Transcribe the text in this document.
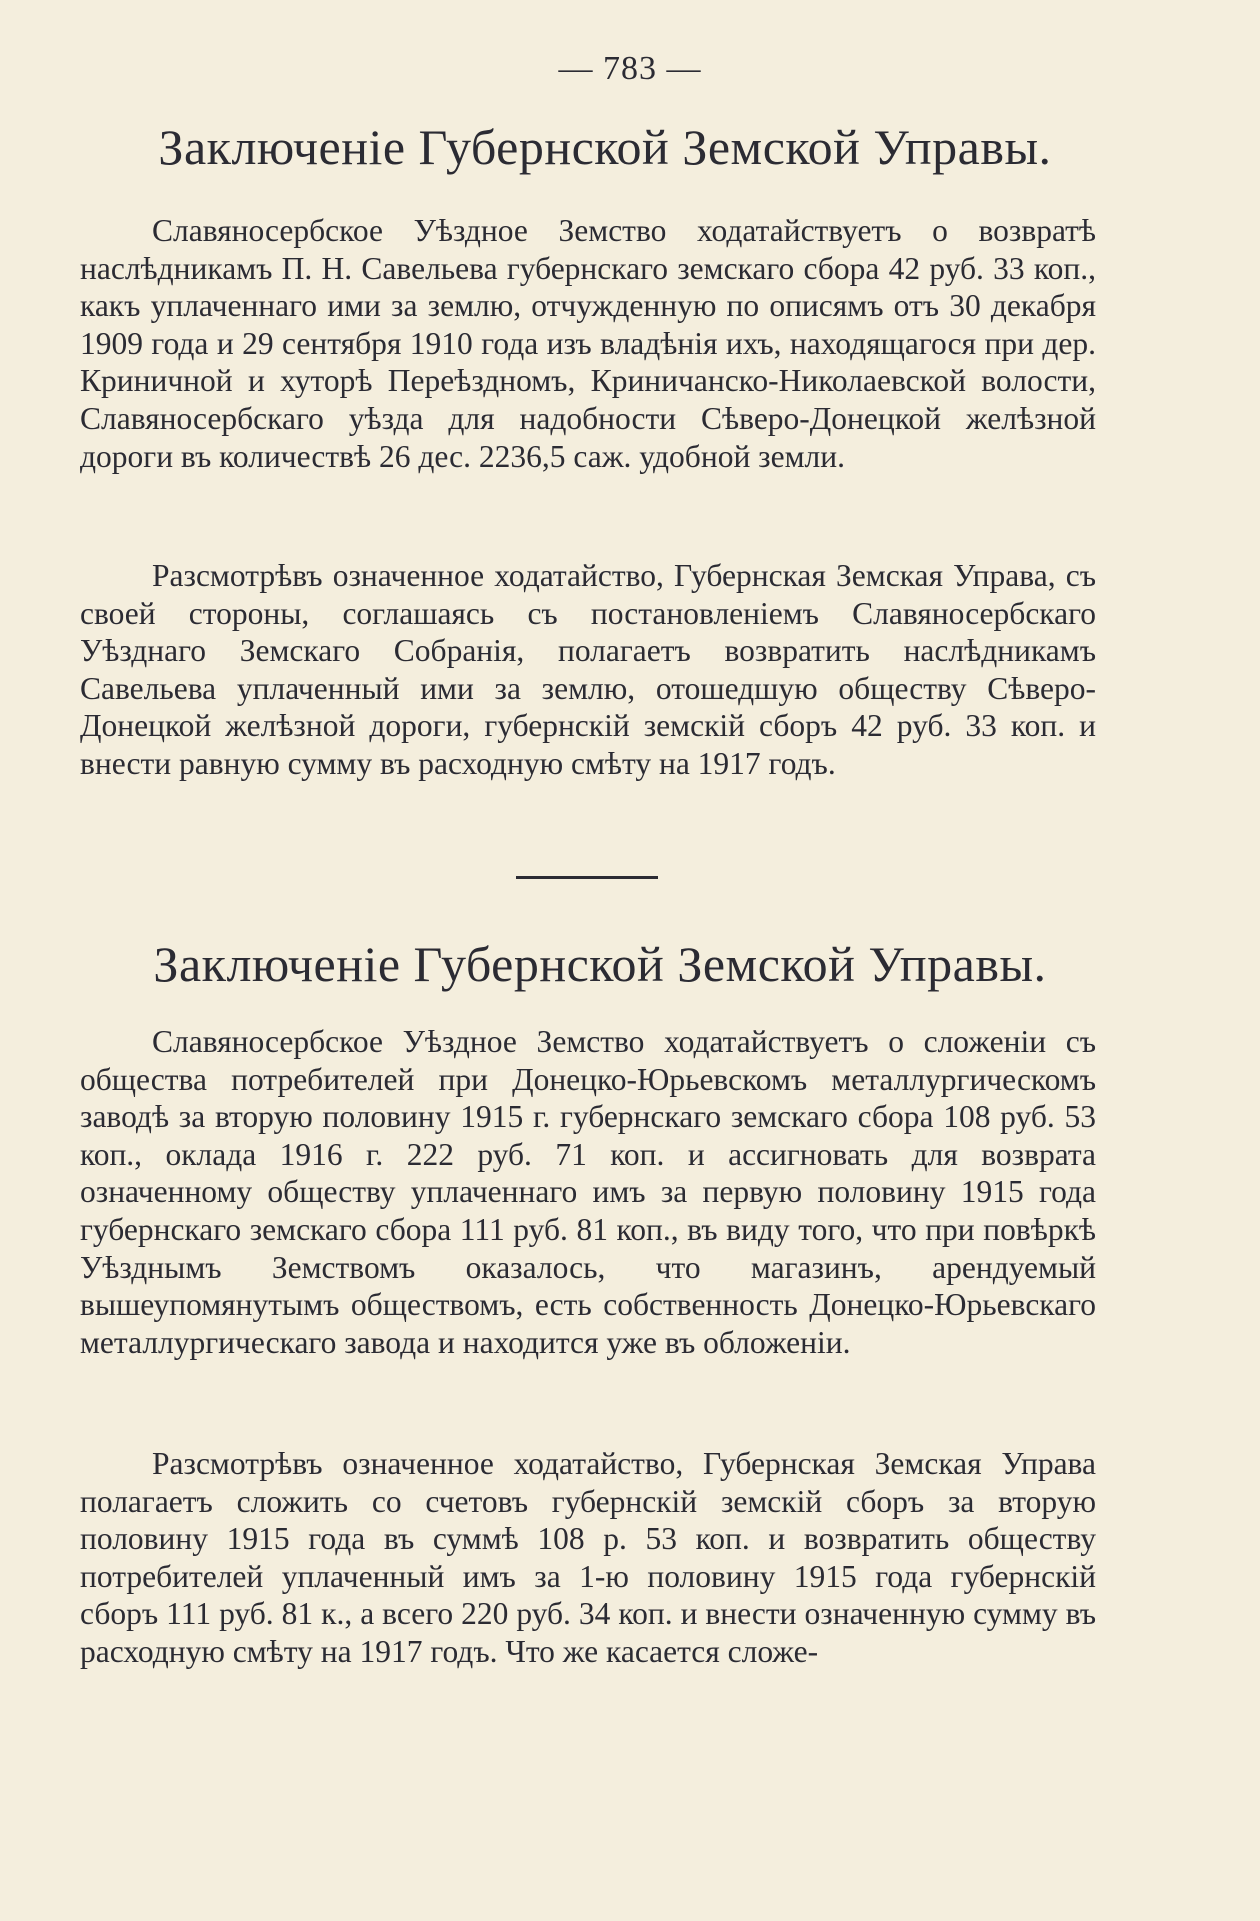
— 783 —
Заключеніе Губернской Земской Управы.

Славяносербское Уѣздное Земство ходатайствуетъ о возвратѣ наслѣдникамъ П. Н. Савельева губернскаго земскаго сбора 42 руб. 33 коп., какъ уплаченнаго ими за землю, отчужденную по описямъ отъ 30 декабря 1909 года и 29 сентября 1910 года изъ владѣнія ихъ, находящагося при дер. Криничной и хуторѣ Переѣздномъ, Криничанско-Николаевской волости, Славяносербскаго уѣзда для надобности Сѣверо-Донецкой желѣзной дороги въ количествѣ 26 дес. 2236,5 саж. удобной земли.

Разсмотрѣвъ означенное ходатайство, Губернская Земская Управа, съ своей стороны, соглашаясь съ постановленіемъ Славяносербскаго Уѣзднаго Земскаго Собранія, полагаетъ возвратить наслѣдникамъ Савельева уплаченный ими за землю, отошедшую обществу Сѣверо-Донецкой желѣзной дороги, губернскій земскій сборъ 42 руб. 33 коп. и внести равную сумму въ расходную смѣту на 1917 годъ.

Заключеніе Губернской Земской Управы.

Славяносербское Уѣздное Земство ходатайствуетъ о сложеніи съ общества потребителей при Донецко-Юрьевскомъ металлургическомъ заводѣ за вторую половину 1915 г. губернскаго земскаго сбора 108 руб. 53 коп., оклада 1916 г. 222 руб. 71 коп. и ассигновать для возврата означенному обществу уплаченнаго имъ за первую половину 1915 года губернскаго земскаго сбора 111 руб. 81 коп., въ виду того, что при повѣркѣ Уѣзднымъ Земствомъ оказалось, что магазинъ, арендуемый вышеупомянутымъ обществомъ, есть собственность Донецко-Юрьевскаго металлургическаго завода и находится уже въ обложеніи.

Разсмотрѣвъ означенное ходатайство, Губернская Земская Управа полагаетъ сложить со счетовъ губернскій земскій сборъ за вторую половину 1915 года въ суммѣ 108 р. 53 коп. и возвратить обществу потребителей уплаченный имъ за 1-ю половину 1915 года губернскій сборъ 111 руб. 81 к., а всего 220 руб. 34 коп. и внести означенную сумму въ расходную смѣту на 1917 годъ. Что же касается сложе-
